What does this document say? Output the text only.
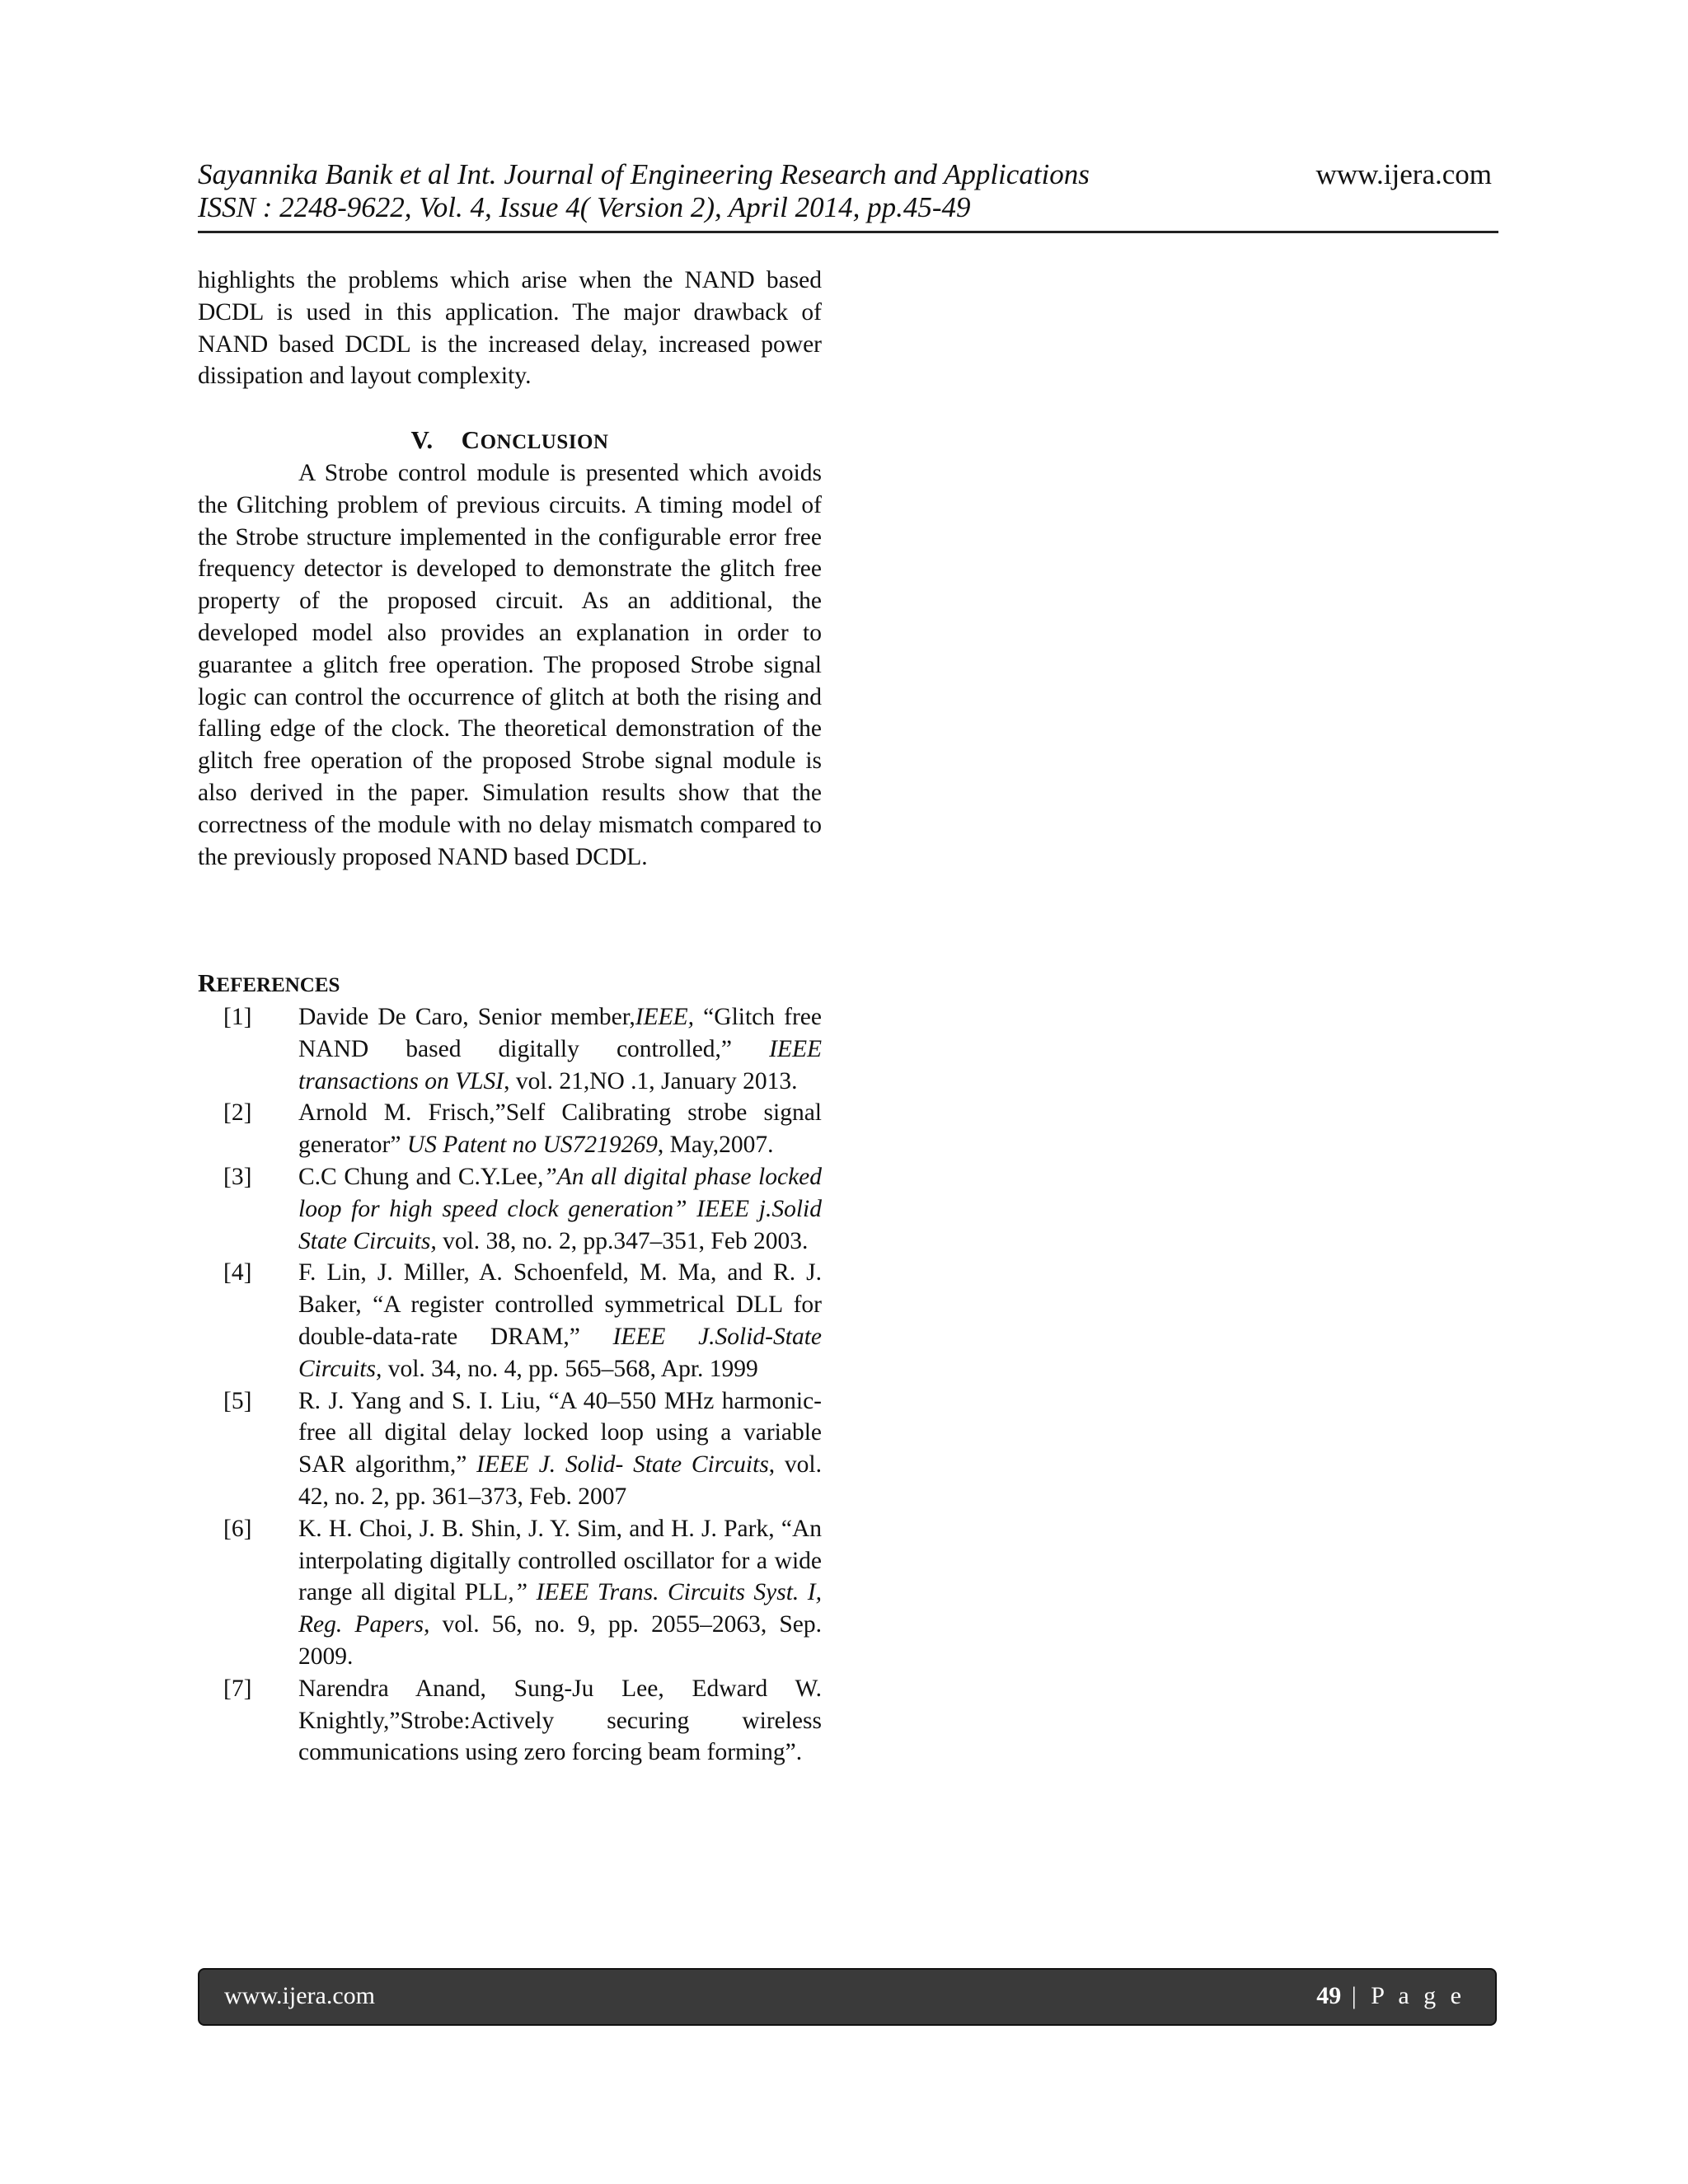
Sayannika Banik et al Int. Journal of Engineering Research and Applications	www.ijera.com
ISSN : 2248-9622, Vol. 4, Issue 4( Version 2), April 2014, pp.45-49

highlights the problems which arise when the NAND based DCDL is used in this application. The major drawback of NAND based DCDL is the increased delay, increased power dissipation and layout complexity.

V. CONCLUSION

A Strobe control module is presented which avoids the Glitching problem of previous circuits. A timing model of the Strobe structure implemented in the configurable error free frequency detector is developed to demonstrate the glitch free property of the proposed circuit. As an additional, the developed model also provides an explanation in order to guarantee a glitch free operation. The proposed Strobe signal logic can control the occurrence of glitch at both the rising and falling edge of the clock. The theoretical demonstration of the glitch free operation of the proposed Strobe signal module is also derived in the paper. Simulation results show that the correctness of the module with no delay mismatch compared to the previously proposed NAND based DCDL.

REFERENCES
[1] Davide De Caro, Senior member,IEEE, “Glitch free NAND based digitally controlled,” IEEE transactions on VLSI, vol. 21,NO .1, January 2013.
[2] Arnold M. Frisch,”Self Calibrating strobe signal generator” US Patent no US7219269, May,2007.
[3] C.C Chung and C.Y.Lee,”An all digital phase locked loop for high speed clock generation” IEEE j.Solid State Circuits, vol. 38, no. 2, pp.347–351, Feb 2003.
[4] F. Lin, J. Miller, A. Schoenfeld, M. Ma, and R. J. Baker, “A register controlled symmetrical DLL for double-data-rate DRAM,” IEEE J.Solid-State Circuits, vol. 34, no. 4, pp. 565–568, Apr. 1999
[5] R. J. Yang and S. I. Liu, “A 40–550 MHz harmonic-free all digital delay locked loop using a variable SAR algorithm,” IEEE J. Solid- State Circuits, vol. 42, no. 2, pp. 361–373, Feb. 2007
[6] K. H. Choi, J. B. Shin, J. Y. Sim, and H. J. Park, “An interpolating digitally controlled oscillator for a wide range all digital PLL,” IEEE Trans. Circuits Syst. I, Reg. Papers, vol. 56, no. 9, pp. 2055–2063, Sep. 2009.
[7] Narendra Anand, Sung-Ju Lee, Edward W. Knightly,”Strobe:Actively securing wireless communications using zero forcing beam forming”.
www.ijera.com	49 | P a g e
